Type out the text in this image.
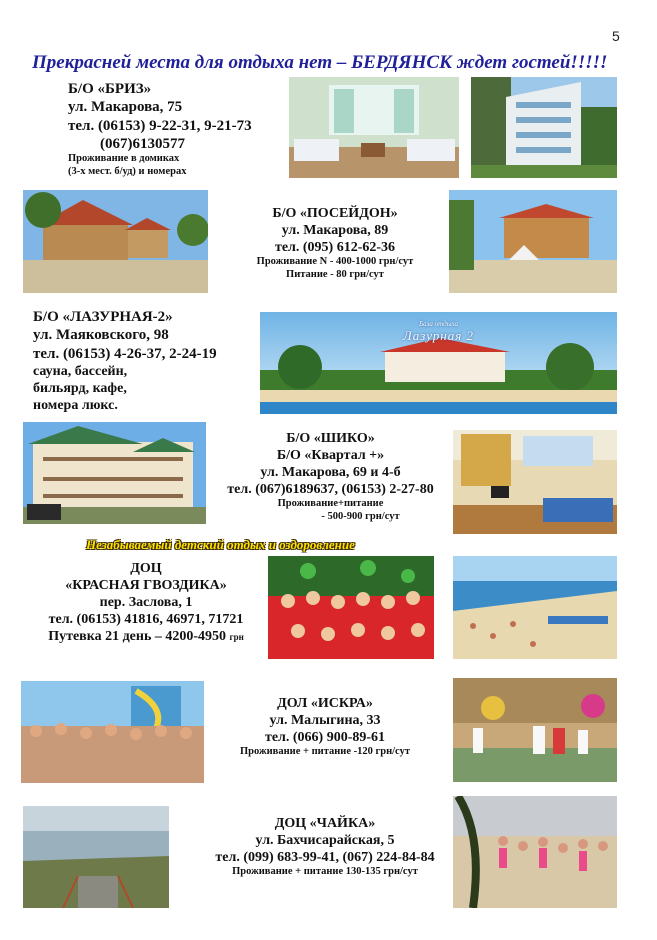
5
Прекрасней места для отдыха нет – БЕРДЯНСК ждет гостей!!!!!
Б/О «БРИЗ»
ул. Макарова, 75
тел. (06153) 9-22-31, 9-21-73
(067)6130577
Проживание в домиках
(3-х мест. б/уд) и номерах
Б/О «ПОСЕЙДОН»
ул. Макарова, 89
тел. (095) 612-62-36
Проживание N - 400-1000 грн/сут
Питание - 80 грн/сут
Б/О «ЛАЗУРНАЯ-2»
ул. Маяковского, 98
тел. (06153) 4-26-37, 2-24-19
сауна, бассейн,
бильярд, кафе,
номера люкс.
База отдыха
Лазурная 2
Б/О «ШИКО»
Б/О «Квартал +»
ул. Макарова, 69 и 4-б
тел. (067)6189637, (06153) 2-27-80
Проживание+питание
- 500-900 грн/сут
Незабываемый детский отдых и оздоровление
ДОЦ
«КРАСНАЯ ГВОЗДИКА»
пер. Заслова, 1
тел. (06153) 41816, 46971, 71721
Путевка 21 день – 4200-4950 грн
ДОЛ «ИСКРА»
ул. Малыгина, 33
тел. (066) 900-89-61
Проживание + питание -120 грн/сут
ДОЦ «ЧАЙКА»
ул. Бахчисарайская, 5
тел. (099) 683-99-41, (067) 224-84-84
Проживание + питание 130-135 грн/сут
